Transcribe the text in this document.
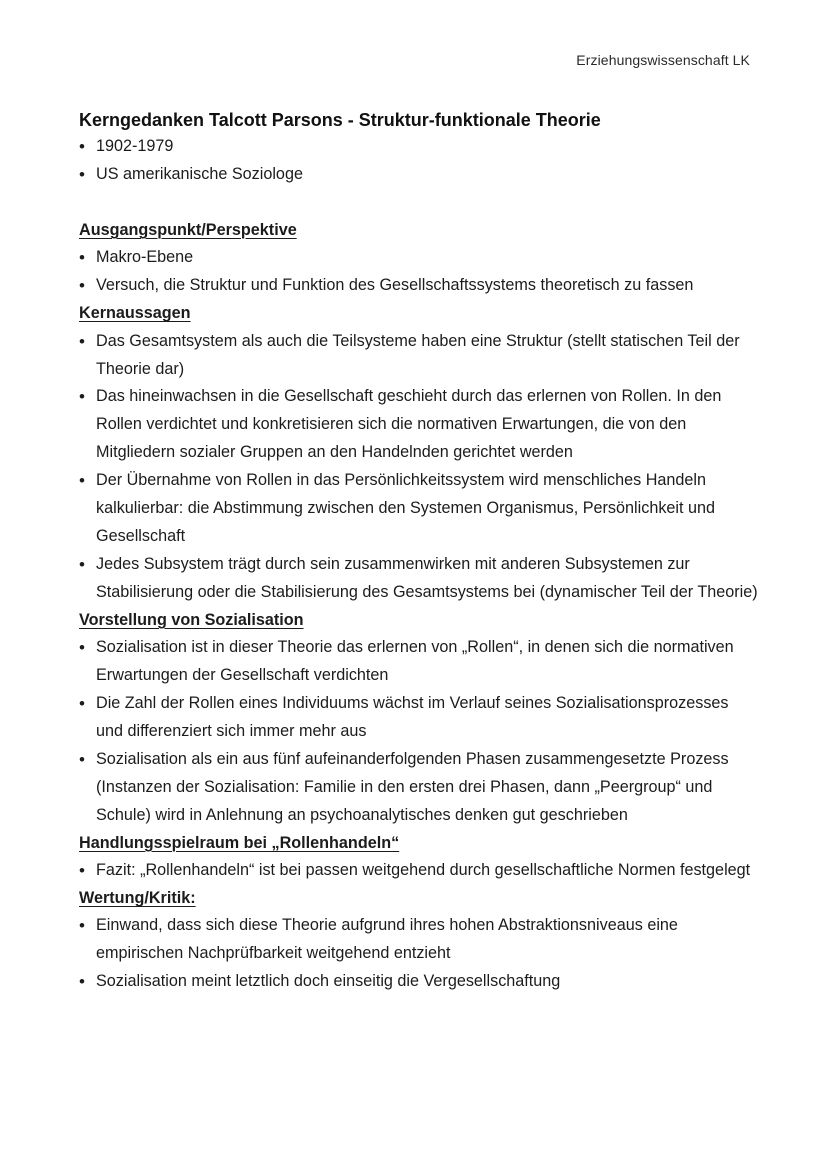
Erziehungswissenschaft LK
Kerngedanken Talcott Parsons - Struktur-funktionale Theorie
• 1902-1979
• US amerikanische Soziologe
Ausgangspunkt/Perspektive
• Makro-Ebene
• Versuch, die Struktur und Funktion des Gesellschaftssystems theoretisch zu fassen
Kernaussagen
• Das Gesamtsystem als auch die Teilsysteme haben eine Struktur (stellt statischen Teil der Theorie dar)
• Das hineinwachsen in die Gesellschaft geschieht durch das erlernen von Rollen. In den Rollen verdichtet und konkretisieren sich die normativen Erwartungen, die von den Mitgliedern sozialer Gruppen an den Handelnden gerichtet werden
• Der Übernahme von Rollen in das Persönlichkeitssystem wird menschliches Handeln kalkulierbar: die Abstimmung zwischen den Systemen Organismus, Persönlichkeit und Gesellschaft
• Jedes Subsystem trägt durch sein zusammenwirken mit anderen Subsystemen zur Stabilisierung oder die Stabilisierung des Gesamtsystems bei (dynamischer Teil der Theorie)
Vorstellung von Sozialisation
• Sozialisation ist in dieser Theorie das erlernen von „Rollen“, in denen sich die normativen Erwartungen der Gesellschaft verdichten
• Die Zahl der Rollen eines Individuums wächst im Verlauf seines Sozialisationsprozesses und differenziert sich immer mehr aus
• Sozialisation als ein aus fünf aufeinanderfolgenden Phasen zusammengesetzte Prozess (Instanzen der Sozialisation: Familie in den ersten drei Phasen, dann „Peergroup“ und Schule) wird in Anlehnung an psychoanalytisches denken gut geschrieben
Handlungsspielraum bei „Rollenhandeln“
• Fazit: „Rollenhandeln“ ist bei passen weitgehend durch gesellschaftliche Normen festgelegt
Wertung/Kritik:
• Einwand, dass sich diese Theorie aufgrund ihres hohen Abstraktionsniveaus eine empirischen Nachprüfbarkeit weitgehend entzieht
• Sozialisation meint letztlich doch einseitig die Vergesellschaftung
